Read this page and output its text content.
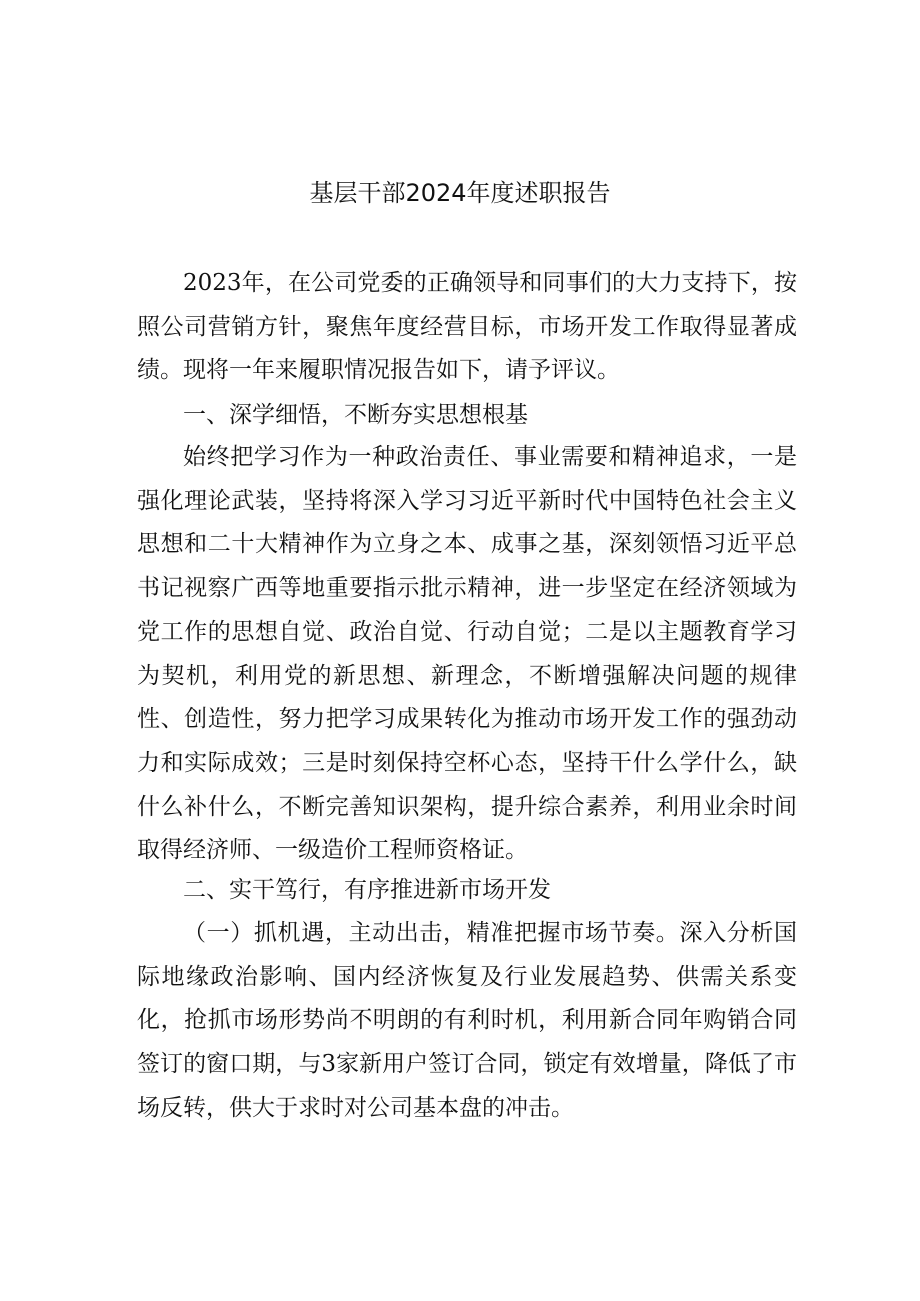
基层干部2024年度述职报告

2023年，在公司党委的正确领导和同事们的大力支持下，按照公司营销方针，聚焦年度经营目标，市场开发工作取得显著成绩。现将一年来履职情况报告如下，请予评议。

一、深学细悟，不断夯实思想根基

始终把学习作为一种政治责任、事业需要和精神追求，一是强化理论武装，坚持将深入学习习近平新时代中国特色社会主义思想和二十大精神作为立身之本、成事之基，深刻领悟习近平总书记视察广西等地重要指示批示精神，进一步坚定在经济领域为党工作的思想自觉、政治自觉、行动自觉；二是以主题教育学习为契机，利用党的新思想、新理念，不断增强解决问题的规律性、创造性，努力把学习成果转化为推动市场开发工作的强劲动力和实际成效；三是时刻保持空杯心态，坚持干什么学什么，缺什么补什么，不断完善知识架构，提升综合素养，利用业余时间取得经济师、一级造价工程师资格证。

二、实干笃行，有序推进新市场开发

（一）抓机遇，主动出击，精准把握市场节奏。深入分析国际地缘政治影响、国内经济恢复及行业发展趋势、供需关系变化，抢抓市场形势尚不明朗的有利时机，利用新合同年购销合同签订的窗口期，与3家新用户签订合同，锁定有效增量，降低了市场反转，供大于求时对公司基本盘的冲击。
